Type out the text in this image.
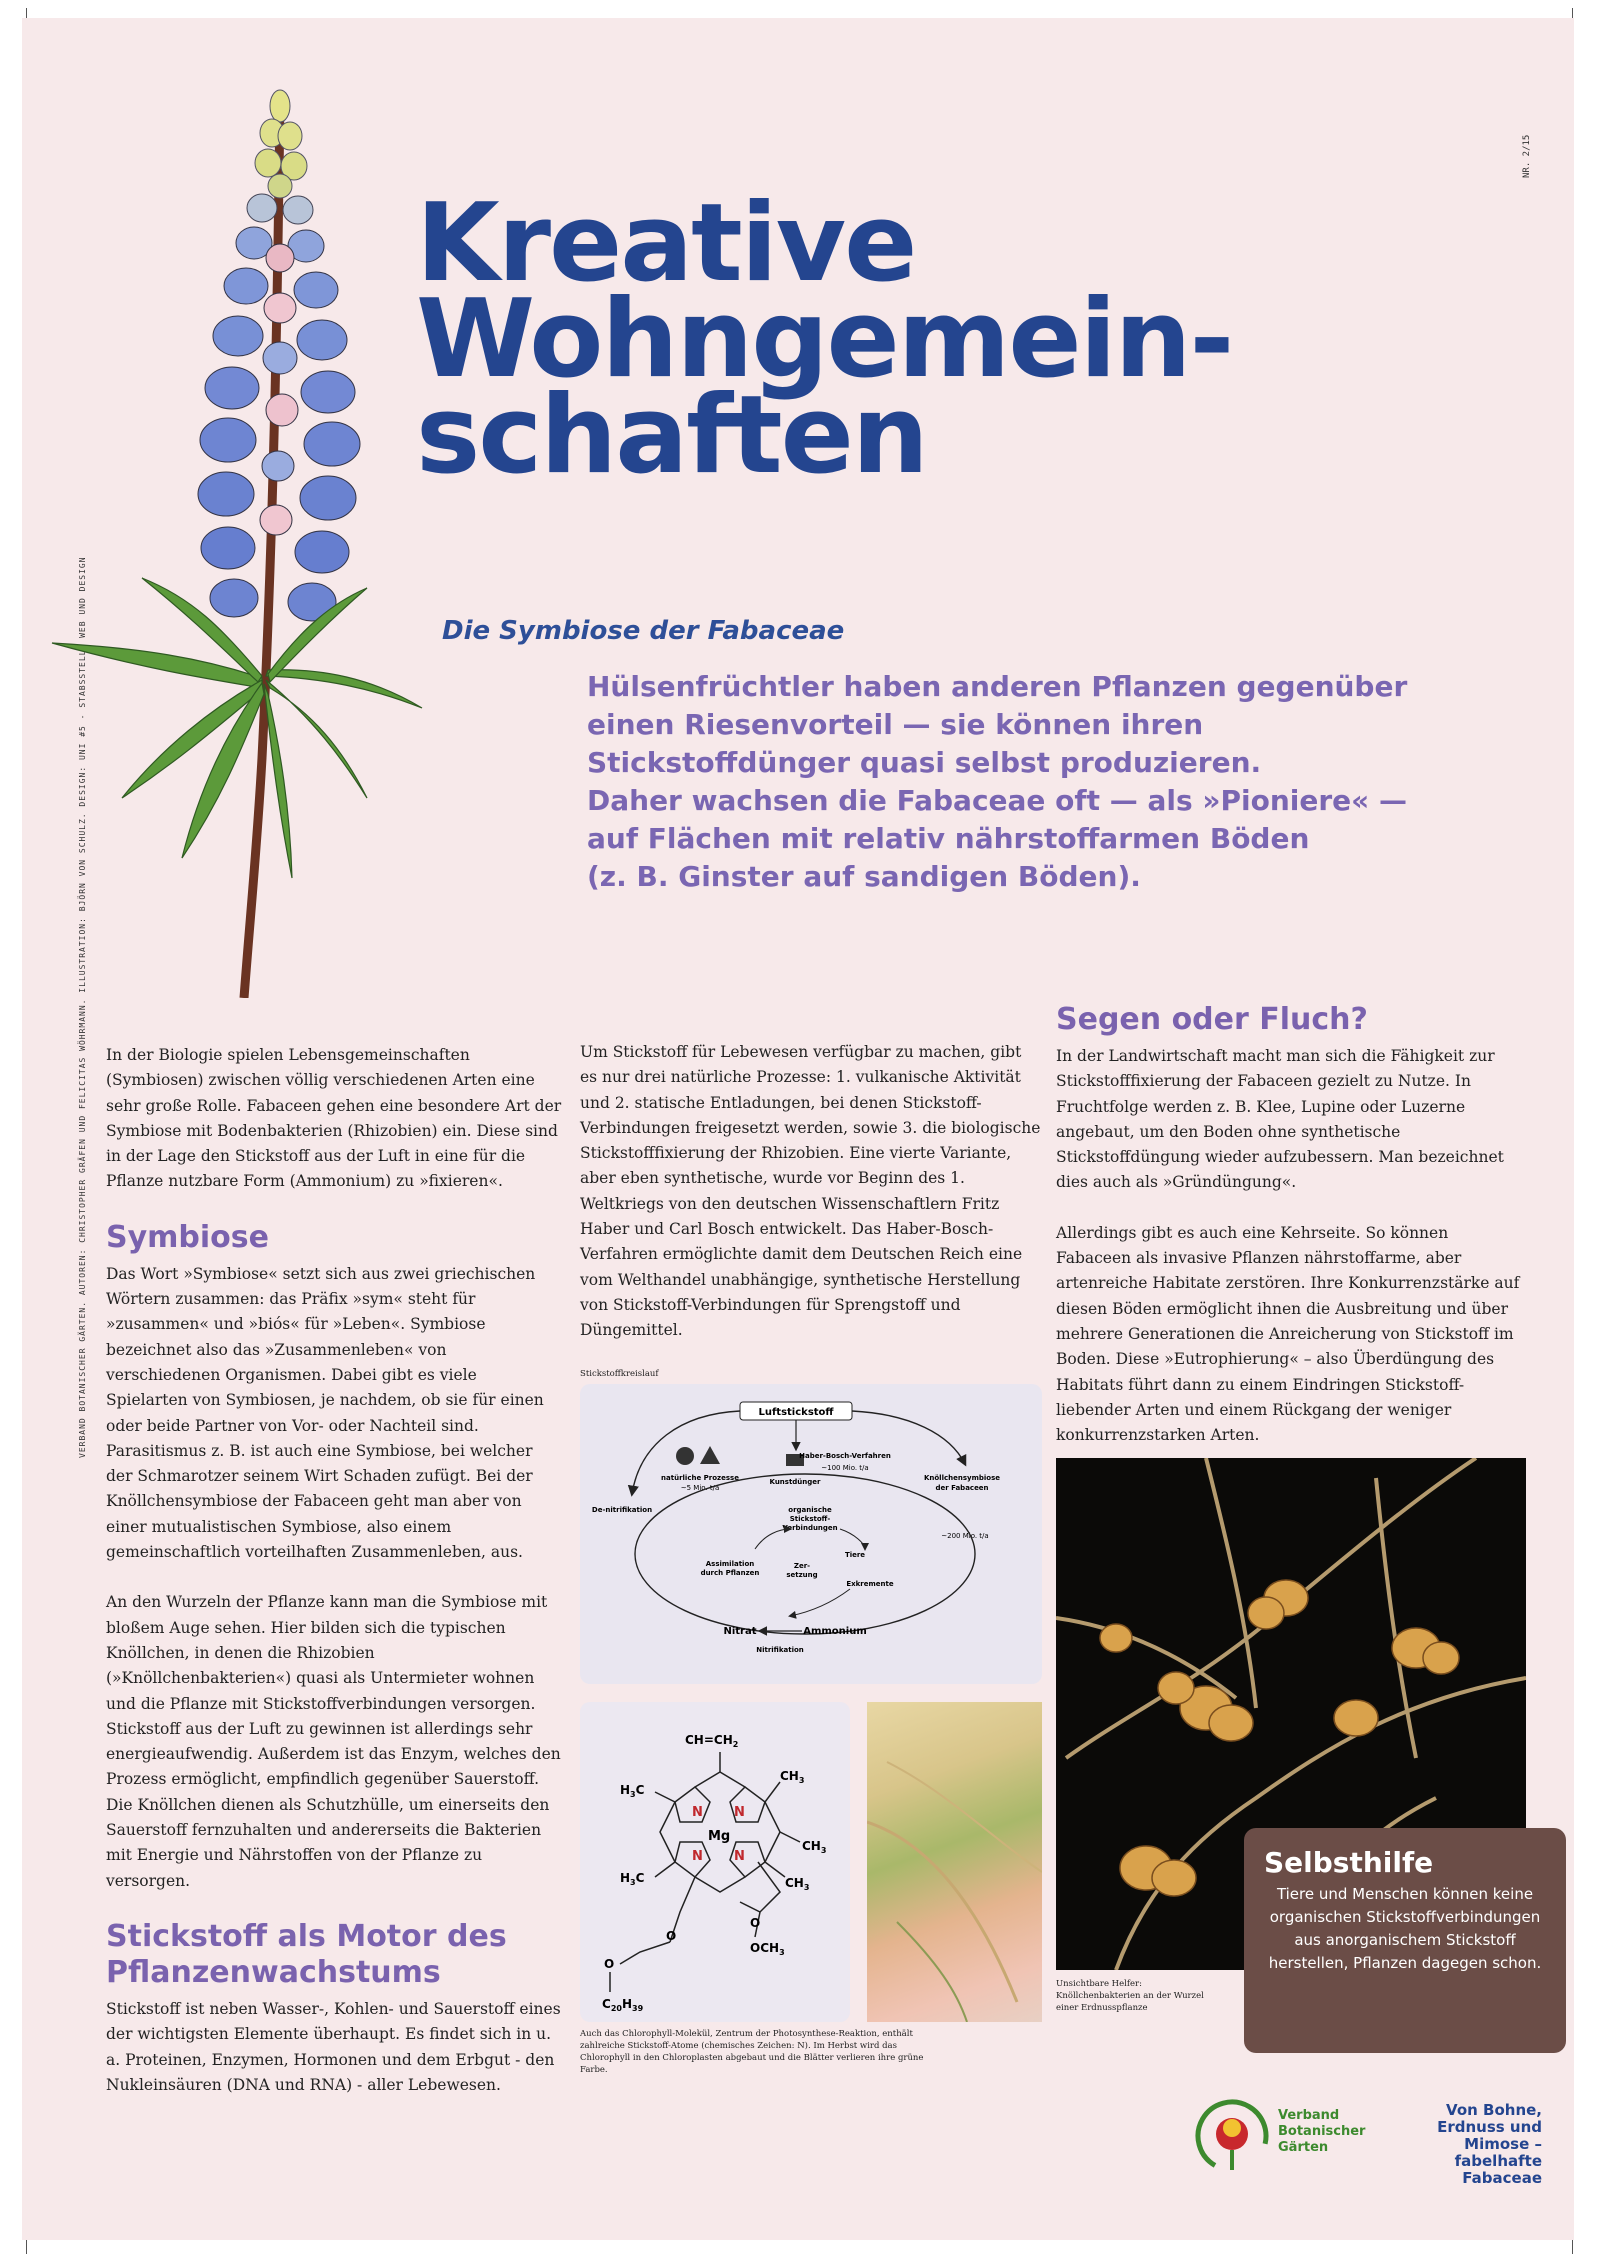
VERBAND BOTANISCHER GÄRTEN. AUTOREN: CHRISTOPHER GRÄFEN UND FELICITAS WÖHRMANN. ILLUSTRATION: BJÖRN VON SCHULZ. DESIGN: UNI #5 - STABSSTELLE WEB UND DESIGN
NR. 2/15
Kreative
Wohngemein-
schaften
Die Symbiose der Fabaceae
Hülsenfrüchtler haben anderen Pflanzen gegenüber
einen Riesenvorteil — sie können ihren
Stickstoffdünger quasi selbst produzieren.
Daher wachsen die Fabaceae oft — als »Pioniere« —
auf Flächen mit relativ nährstoffarmen Böden
(z. B. Ginster auf sandigen Böden).

In der Biologie spielen Lebensgemeinschaften (Symbiosen) zwischen völlig verschiedenen Arten eine sehr große Rolle. Fabaceen gehen eine besondere Art der Symbiose mit Bodenbakterien (Rhizobien) ein. Diese sind in der Lage den Stickstoff aus der Luft in eine für die Pflanze nutzbare Form (Ammonium) zu »fixieren«.

Symbiose

Das Wort »Symbiose« setzt sich aus zwei griechischen Wörtern zusammen: das Präfix »sym« steht für »zusammen« und »biós« für »Leben«. Symbiose bezeichnet also das »Zusammenleben« von verschiedenen Organismen. Dabei gibt es viele Spielarten von Symbiosen, je nachdem, ob sie für einen oder beide Partner von Vor- oder Nachteil sind. Parasitismus z. B. ist auch eine Symbiose, bei welcher der Schmarotzer seinem Wirt Schaden zufügt. Bei der Knöllchensymbiose der Fabaceen geht man aber von einer mutualistischen Symbiose, also einem gemeinschaftlich vorteilhaften Zusammenleben, aus.

An den Wurzeln der Pflanze kann man die Symbiose mit bloßem Auge sehen. Hier bilden sich die typischen Knöllchen, in denen die Rhizobien (»Knöllchenbakterien«) quasi als Untermieter wohnen und die Pflanze mit Stickstoffverbindungen versorgen. Stickstoff aus der Luft zu gewinnen ist allerdings sehr energieaufwendig. Außerdem ist das Enzym, welches den Prozess ermöglicht, empfindlich gegenüber Sauerstoff. Die Knöllchen dienen als Schutzhülle, um einerseits den Sauerstoff fernzuhalten und andererseits die Bakterien mit Energie und Nährstoffen von der Pflanze zu versorgen.

Stickstoff als Motor des Pflanzenwachstums

Stickstoff ist neben Wasser-, Kohlen- und Sauerstoff eines der wichtigsten Elemente überhaupt. Es findet sich in u. a. Proteinen, Enzymen, Hormonen und dem Erbgut - den Nukleinsäuren (DNA und RNA) - aller Lebewesen.

Um Stickstoff für Lebewesen verfügbar zu machen, gibt es nur drei natürliche Prozesse: 1. vulkanische Aktivität und 2. statische Entladungen, bei denen Stickstoff-Verbindungen freigesetzt werden, sowie 3. die biologische Stickstofffixierung der Rhizobien. Eine vierte Variante, aber eben synthetische, wurde vor Beginn des 1. Weltkriegs von den deutschen Wissenschaftlern Fritz Haber und Carl Bosch entwickelt. Das Haber-Bosch-Verfahren ermöglichte damit dem Deutschen Reich eine vom Welthandel unabhängige, synthetische Herstellung von Stickstoff-Verbindungen für Sprengstoff und Düngemittel.

Stickstoffkreislauf
Luftstickstoff
natürliche Prozesse
~5 Mio. t/a
Haber-Bosch-Verfahren
~100 Mio. t/a
Kunstdünger	Knöllchensymbiose
der Fabaceen
~200 Mio. t/a
De-nitrifikation	organische
Stickstoff-
Verbindungen
Assimilation
durch Pflanzen
Tiere
Zer-
setzung
Exkremente
Nitrat	Ammonium
Nitrifikation
N N
N N
Mg
$CH=CH_2$
$CH_3$
$CH_3$
$CH_3$
$H_3C$
$H_3C$
$OCH_3$
O
O
O
$C_{20}H_{39}$
Auch das Chlorophyll-Molekül, Zentrum der Photosynthese-Reaktion, enthält zahlreiche Stickstoff-Atome (chemisches Zeichen: N). Im Herbst wird das Chlorophyll in den Chloroplasten abgebaut und die Blätter verlieren ihre grüne Farbe.
Segen oder Fluch?

In der Landwirtschaft macht man sich die Fähigkeit zur Stickstofffixierung der Fabaceen gezielt zu Nutze. In Fruchtfolge werden z. B. Klee, Lupine oder Luzerne angebaut, um den Boden ohne synthetische Stickstoffdüngung wieder aufzubessern. Man bezeichnet dies auch als »Gründüngung«.

Allerdings gibt es auch eine Kehrseite. So können Fabaceen als invasive Pflanzen nährstoffarme, aber artenreiche Habitate zerstören. Ihre Konkurrenzstärke auf diesen Böden ermöglicht ihnen die Ausbreitung und über mehrere Generationen die Anreicherung von Stickstoff im Boden. Diese »Eutrophierung« – also Überdüngung des Habitats führt dann zu einem Eindringen Stickstoff-liebender Arten und einem Rückgang der weniger konkurrenzstarken Arten.

Unsichtbare Helfer: Knöllchenbakterien an der Wurzel einer Erdnusspflanze
Selbsthilfe

Tiere und Menschen können keine organischen Stickstoffverbindungen aus anorganischem Stickstoff herstellen, Pflanzen dagegen schon.

Verband Botanischer Gärten
Von Bohne, Erdnuss und Mimose – fabelhafte Fabaceae
